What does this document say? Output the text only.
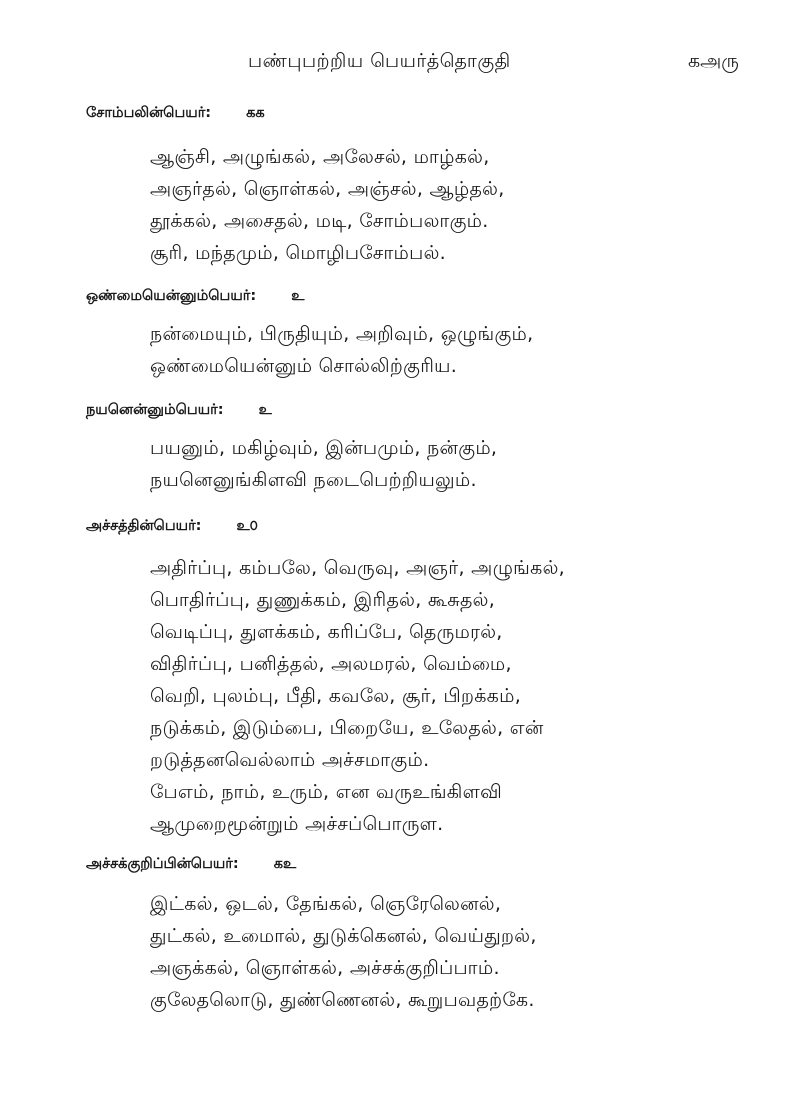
பண்புபற்றிய பெயர்த்தொகுதி	கஅரு
சோம்பலின்பெயர்: கக
ஆஞ்சி, அழுங்கல், அலேசல், மாழ்கல்,
அஞர்தல், ஞொள்கல், அஞ்சல், ஆழ்தல்,
தூக்கல், அசைதல், மடி, சோம்பலாகும்.
சூரி, மந்தமும், மொழிபசோம்பல்.
ஒண்மையென்னும்பெயர்: உ
நன்மையும், பிருதியும், அறிவும், ஒழுங்கும்,
ஒண்மையென்னும் சொல்லிற்குரிய.
நயனென்னும்பெயர்: உ
பயனும், மகிழ்வும், இன்பமும், நன்கும்,
நயனெனுங்கிளவி நடைபெற்றியலும்.
அச்சத்தின்பெயர்: உ௦
அதிர்ப்பு, கம்பலே, வெருவு, அஞர், அழுங்கல்,
பொதிர்ப்பு, துணுக்கம், இரிதல், கூசுதல்,
வெடிப்பு, துளக்கம், கரிப்பே, தெருமரல்,
விதிர்ப்பு, பனித்தல், அலமரல், வெம்மை,
வெறி, புலம்பு, பீதி, கவலே, சூர், பிறக்கம்,
நடுக்கம், இடும்பை, பிறையே, உலேதல், என்
றடுத்தனவெல்லாம் அச்சமாகும்.
பேஎம், நாம், உரும், என வருஉங்கிளவி
ஆமுறைமூன்றும் அச்சப்பொருள.
அச்சக்குறிப்பின்பெயர்: கஉ
இட்கல், ஒடல், தேங்கல், ஞெரேலெனல்,
துட்கல், உமைால், துடுக்கெனல், வெய்துறல்,
அஞக்கல், ஞொள்கல், அச்சக்குறிப்பாம்.
குலேதலொடு, துண்ணெனல், கூறுபவதற்கே.
